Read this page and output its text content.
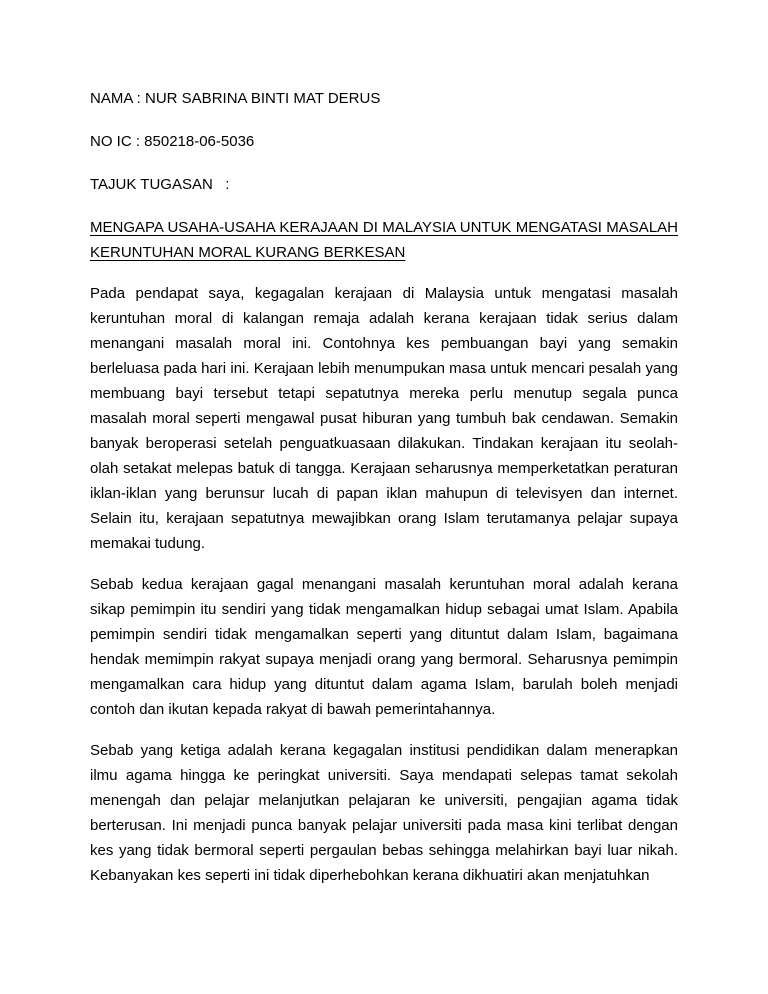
NAMA : NUR SABRINA BINTI MAT DERUS

NO IC : 850218-06-5036

TAJUK TUGASAN   :

MENGAPA USAHA-USAHA KERAJAAN DI MALAYSIA UNTUK MENGATASI MASALAH KERUNTUHAN MORAL KURANG BERKESAN

Pada pendapat saya, kegagalan kerajaan di Malaysia untuk mengatasi masalah keruntuhan moral di kalangan remaja adalah kerana kerajaan tidak serius dalam menangani masalah moral ini. Contohnya kes pembuangan bayi yang semakin berleluasa pada hari ini. Kerajaan lebih menumpukan masa untuk mencari pesalah yang membuang bayi tersebut tetapi sepatutnya mereka perlu menutup segala punca masalah moral seperti mengawal pusat hiburan yang tumbuh bak cendawan. Semakin banyak beroperasi setelah penguatkuasaan dilakukan. Tindakan kerajaan itu seolah-olah setakat melepas batuk di tangga. Kerajaan seharusnya memperketatkan peraturan iklan-iklan yang berunsur lucah di papan iklan mahupun di televisyen dan internet. Selain itu, kerajaan sepatutnya mewajibkan orang Islam terutamanya pelajar supaya memakai tudung.

Sebab kedua kerajaan gagal menangani masalah keruntuhan moral adalah kerana sikap pemimpin itu sendiri yang tidak mengamalkan hidup sebagai umat Islam. Apabila pemimpin sendiri tidak mengamalkan seperti yang dituntut dalam Islam, bagaimana hendak memimpin rakyat supaya menjadi orang yang bermoral. Seharusnya pemimpin mengamalkan cara hidup yang dituntut dalam agama Islam, barulah boleh menjadi contoh dan ikutan kepada rakyat di bawah pemerintahannya.

Sebab yang ketiga adalah kerana kegagalan institusi pendidikan dalam menerapkan ilmu agama hingga ke peringkat universiti. Saya mendapati selepas tamat sekolah menengah dan pelajar melanjutkan pelajaran ke universiti, pengajian agama tidak berterusan. Ini menjadi punca banyak pelajar universiti pada masa kini terlibat dengan kes yang tidak bermoral seperti pergaulan bebas sehingga melahirkan bayi luar nikah. Kebanyakan kes seperti ini tidak diperhebohkan kerana dikhuatiri akan menjatuhkan
